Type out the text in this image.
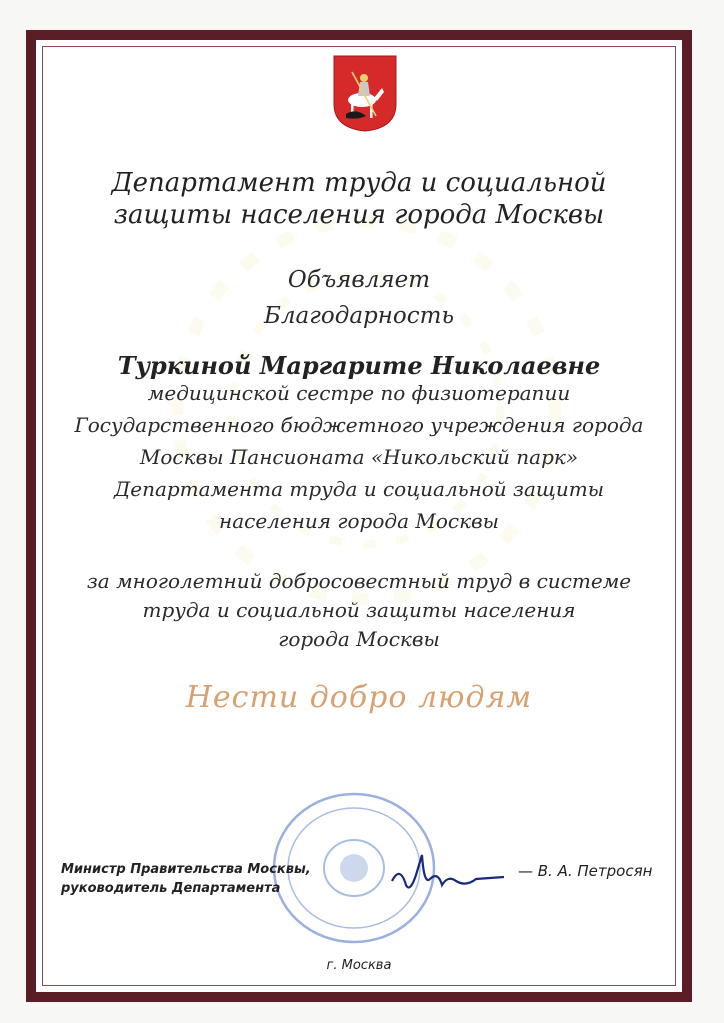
Департамент труда и социальной
защиты населения города Москвы
Объявляет
Благодарность
Туркиной Маргарите Николаевне
медицинской сестре по физиотерапии
Государственного бюджетного учреждения города
Москвы Пансионата «Никольский парк»
Департамента труда и социальной защиты
населения города Москвы
за многолетний добросовестный труд в системе
труда и социальной защиты населения
города Москвы
Нести добро людям
Министр Правительства Москвы,
руководитель Департамента
— В. А. Петросян
г. Москва
